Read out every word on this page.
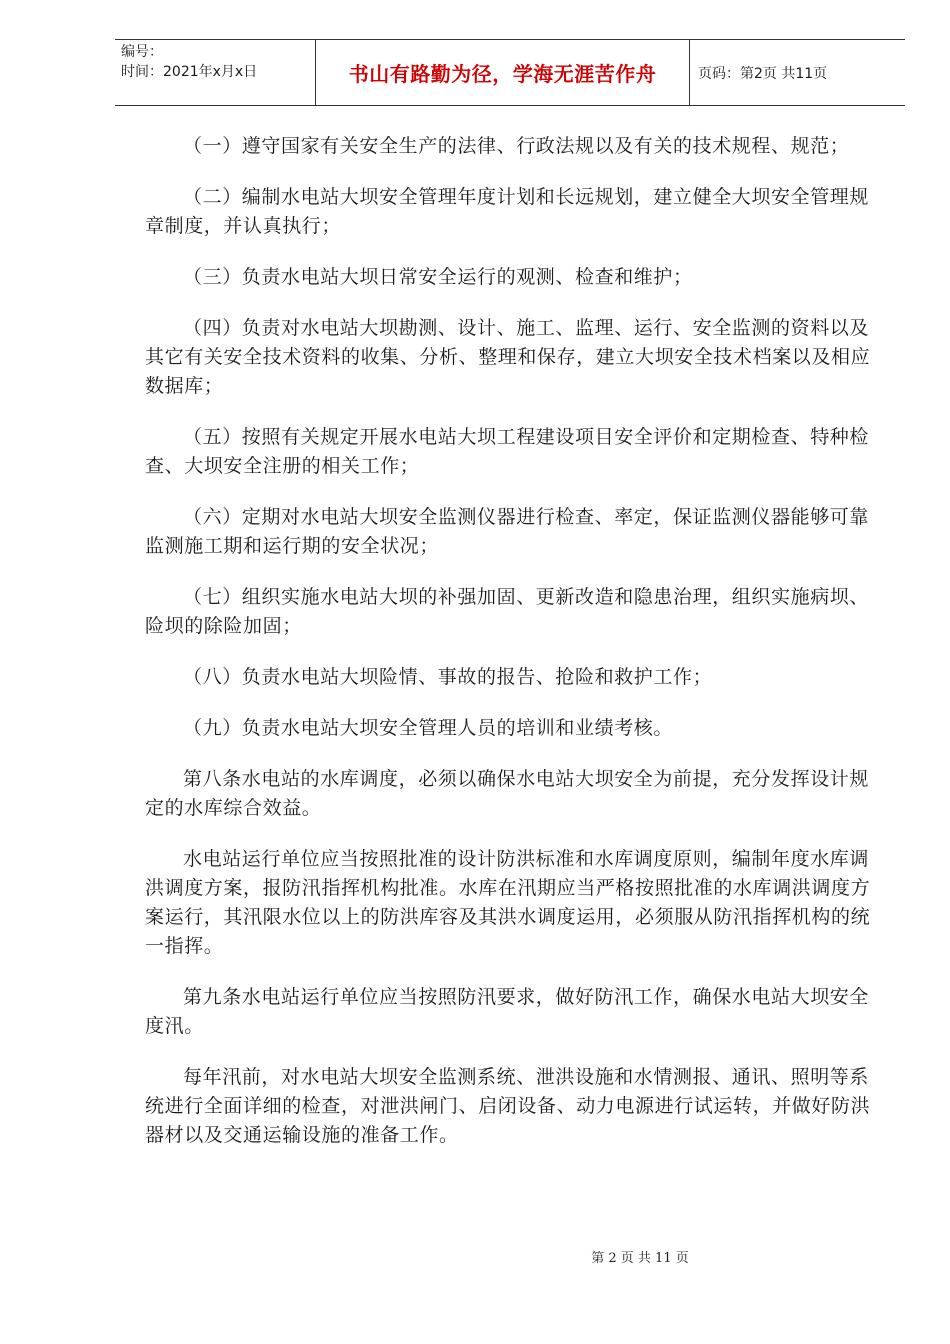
编号：
时间：2021年x月x日	书山有路勤为径，学海无涯苦作舟	页码：第2页 共11页

（一）遵守国家有关安全生产的法律、行政法规以及有关的技术规程、规范；

（二）编制水电站大坝安全管理年度计划和长远规划，建立健全大坝安全管理规章制度，并认真执行；

（三）负责水电站大坝日常安全运行的观测、检查和维护；

（四）负责对水电站大坝勘测、设计、施工、监理、运行、安全监测的资料以及其它有关安全技术资料的收集、分析、整理和保存，建立大坝安全技术档案以及相应数据库；

（五）按照有关规定开展水电站大坝工程建设项目安全评价和定期检查、特种检查、大坝安全注册的相关工作；

（六）定期对水电站大坝安全监测仪器进行检查、率定，保证监测仪器能够可靠监测施工期和运行期的安全状况；

（七）组织实施水电站大坝的补强加固、更新改造和隐患治理，组织实施病坝、险坝的除险加固；

（八）负责水电站大坝险情、事故的报告、抢险和救护工作；

（九）负责水电站大坝安全管理人员的培训和业绩考核。

第八条水电站的水库调度，必须以确保水电站大坝安全为前提，充分发挥设计规定的水库综合效益。

水电站运行单位应当按照批准的设计防洪标准和水库调度原则，编制年度水库调洪调度方案，报防汛指挥机构批准。水库在汛期应当严格按照批准的水库调洪调度方案运行，其汛限水位以上的防洪库容及其洪水调度运用，必须服从防汛指挥机构的统一指挥。

第九条水电站运行单位应当按照防汛要求，做好防汛工作，确保水电站大坝安全度汛。

每年汛前，对水电站大坝安全监测系统、泄洪设施和水情测报、通讯、照明等系统进行全面详细的检查，对泄洪闸门、启闭设备、动力电源进行试运转，并做好防洪器材以及交通运输设施的准备工作。

第 2 页 共 11 页
